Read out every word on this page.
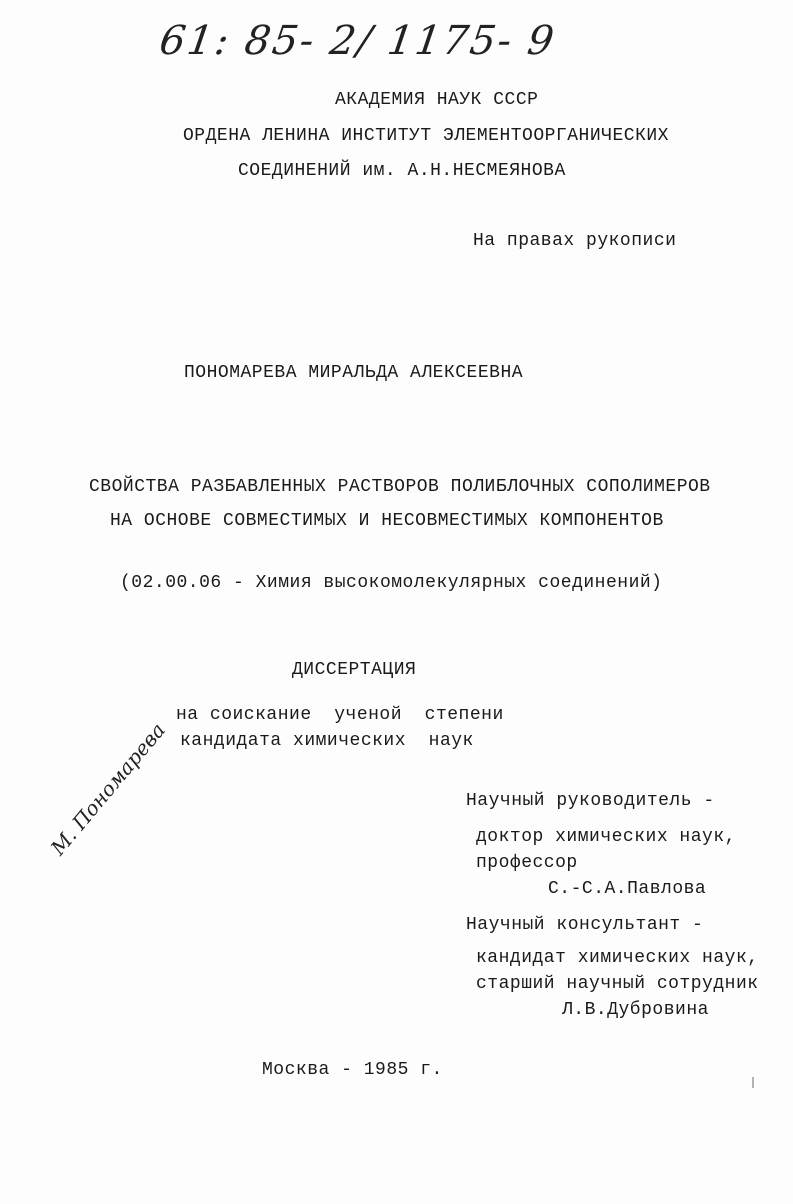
61: 85- 2/ 1175- 9
АКАДЕМИЯ НАУК СССР
ОРДЕНА ЛЕНИНА ИНСТИТУТ ЭЛЕМЕНТООРГАНИЧЕСКИХ
СОЕДИНЕНИЙ им. А.Н.НЕСМЕЯНОВА
На правах рукописи
ПОНОМАРЕВА МИРАЛЬДА АЛЕКСЕЕВНА
СВОЙСТВА РАЗБАВЛЕННЫХ РАСТВОРОВ ПОЛИБЛОЧНЫХ СОПОЛИМЕРОВ
НА ОСНОВЕ СОВМЕСТИМЫХ И НЕСОВМЕСТИМЫХ КОМПОНЕНТОВ
(02.00.06 - Химия высокомолекулярных соединений)
ДИССЕРТАЦИЯ
на соискание  ученой  степени
кандидата химических  наук
М. Пономарева	Научный руководитель -
доктор химических наук,
профессор
С.-С.А.Павлова
Научный консультант -
кандидат химических наук,
старший научный сотрудник
Л.В.Дубровина
Москва - 1985 г.
